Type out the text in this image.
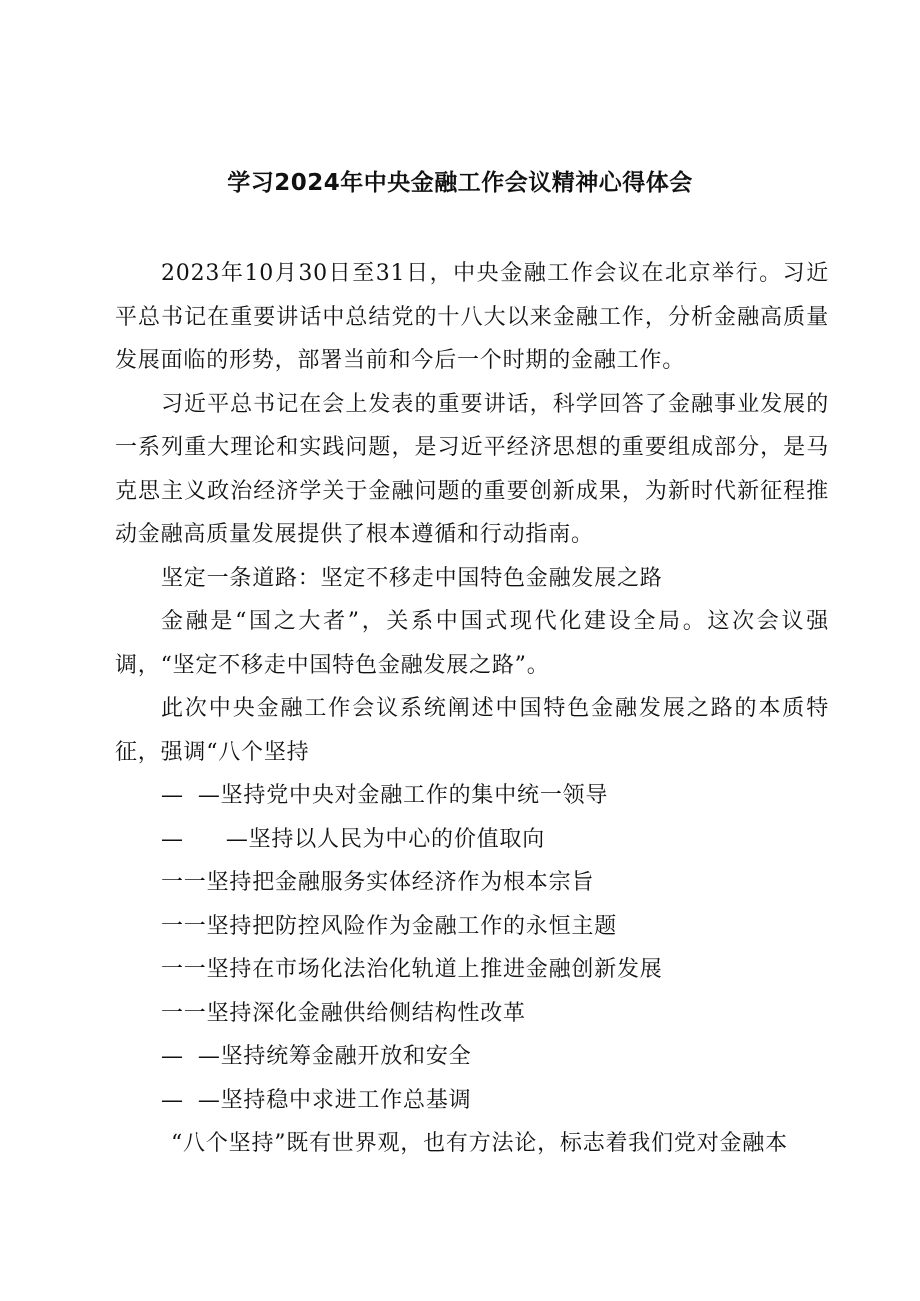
学习2024年中央金融工作会议精神心得体会

2023年10月30日至31日，中央金融工作会议在北京举行。习近平总书记在重要讲话中总结党的十八大以来金融工作，分析金融高质量发展面临的形势，部署当前和今后一个时期的金融工作。

习近平总书记在会上发表的重要讲话，科学回答了金融事业发展的一系列重大理论和实践问题，是习近平经济思想的重要组成部分，是马克思主义政治经济学关于金融问题的重要创新成果，为新时代新征程推动金融高质量发展提供了根本遵循和行动指南。

坚定一条道路：坚定不移走中国特色金融发展之路

金融是“国之大者”，关系中国式现代化建设全局。这次会议强调，“坚定不移走中国特色金融发展之路”。

此次中央金融工作会议系统阐述中国特色金融发展之路的本质特征，强调“八个坚持

— —坚持党中央对金融工作的集中统一领导

— —坚持以人民为中心的价值取向

一一坚持把金融服务实体经济作为根本宗旨

一一坚持把防控风险作为金融工作的永恒主题

一一坚持在市场化法治化轨道上推进金融创新发展

一一坚持深化金融供给侧结构性改革

— —坚持统筹金融开放和安全

— —坚持稳中求进工作总基调

“八个坚持”既有世界观，也有方法论，标志着我们党对金融本
